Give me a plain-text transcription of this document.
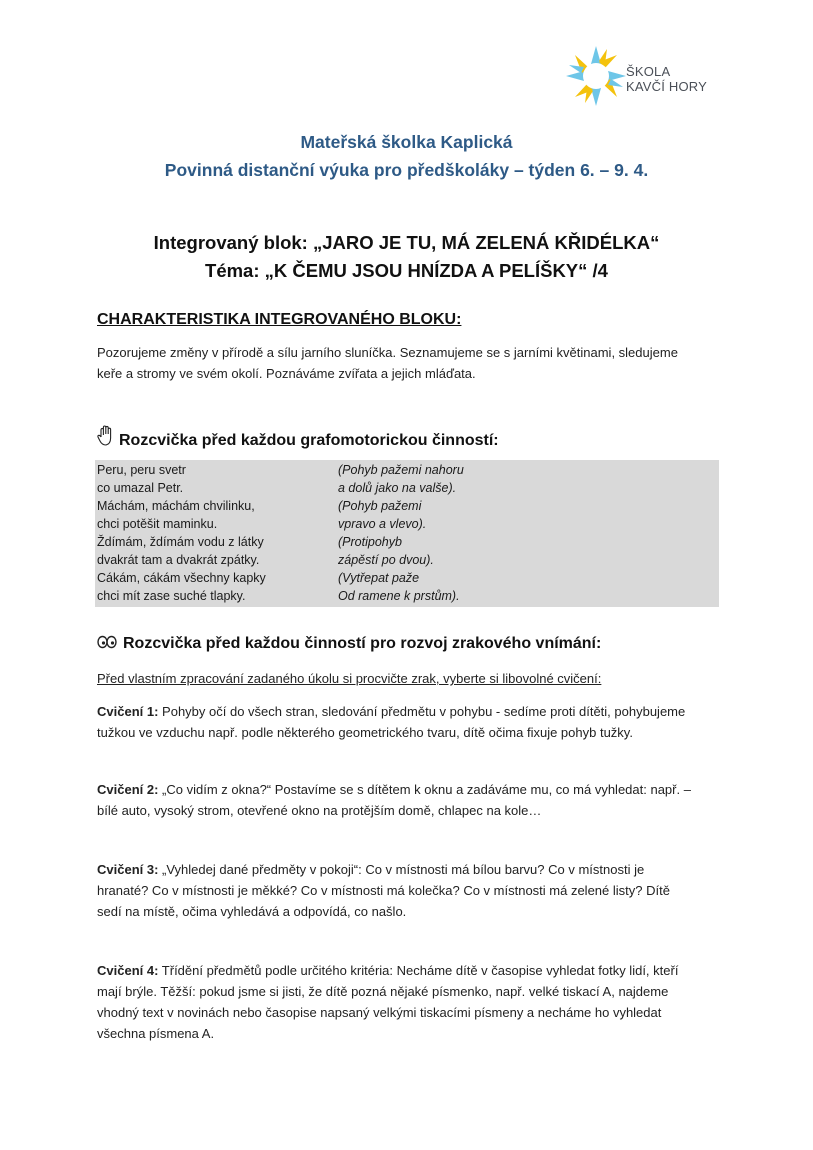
ŠKOLA
KAVČÍ HORY
Mateřská školka Kaplická
Povinná distanční výuka pro předškoláky – týden 6. – 9. 4.
Integrovaný blok: „JARO JE TU, MÁ ZELENÁ KŘIDÉLKA“
Téma: „K ČEMU JSOU HNÍZDA A PELÍŠKY“ /4
CHARAKTERISTIKA INTEGROVANÉHO BLOKU:
Pozorujeme změny v přírodě a sílu jarního sluníčka. Seznamujeme se s jarními květinami, sledujeme
keře a stromy ve svém okolí. Poznáváme zvířata a jejich mláďata.
Rozcvička před každou grafomotorickou činností:
Peru, peru svetr	(Pohyb pažemi nahoru
co umazal Petr.	a dolů jako na valše).
Máchám, máchám chvilinku,	(Pohyb pažemi
chci potěšit maminku.	vpravo a vlevo).
Ždímám, ždímám vodu z látky	(Protipohyb
dvakrát tam a dvakrát zpátky.	zápěstí po dvou).
Cákám, cákám všechny kapky	(Vytřepat paže
chci mít zase suché tlapky.	Od ramene k prstům).
Rozcvička před každou činností pro rozvoj zrakového vnímání:
Před vlastním zpracování zadaného úkolu si procvičte zrak, vyberte si libovolné cvičení:
Cvičení 1: Pohyby očí do všech stran, sledování předmětu v pohybu - sedíme proti dítěti, pohybujeme
tužkou ve vzduchu např. podle některého geometrického tvaru, dítě očima fixuje pohyb tužky.
Cvičení 2: „Co vidím z okna?“ Postavíme se s dítětem k oknu a zadáváme mu, co má vyhledat: např. –
bílé auto, vysoký strom, otevřené okno na protějším domě, chlapec na kole…
Cvičení 3: „Vyhledej dané předměty v pokoji“: Co v místnosti má bílou barvu? Co v místnosti je
hranaté? Co v místnosti je měkké? Co v místnosti má kolečka? Co v místnosti má zelené listy? Dítě
sedí na místě, očima vyhledává a odpovídá, co našlo.
Cvičení 4: Třídění předmětů podle určitého kritéria: Necháme dítě v časopise vyhledat fotky lidí, kteří
mají brýle. Těžší: pokud jsme si jisti, že dítě pozná nějaké písmenko, např. velké tiskací A, najdeme
vhodný text v novinách nebo časopise napsaný velkými tiskacími písmeny a necháme ho vyhledat
všechna písmena A.
